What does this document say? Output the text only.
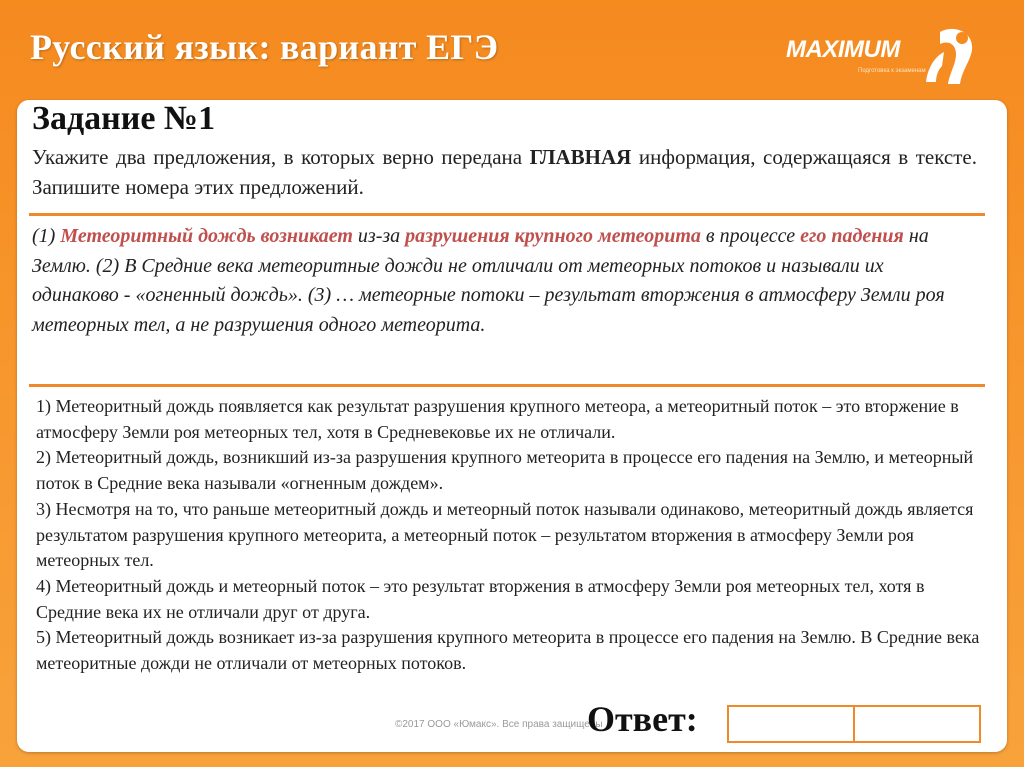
Русский язык: вариант ЕГЭ	MAXIMUM
Подготовка к экзаменам
Задание №1
Укажите два предложения, в которых верно передана ГЛАВНАЯ информация, содержащаяся в тексте. Запишите номера этих предложений.
(1) Метеоритный дождь возникает из-за разрушения крупного метеорита в процессе его падения на Землю. (2) В Средние века метеоритные дожди не отличали от метеорных потоков и называли их одинаково - «огненный дождь». (3) … метеорные потоки – результат вторжения в атмосферу Земли роя метеорных тел, а не разрушения одного метеорита.
1) Метеоритный дождь появляется как результат разрушения крупного метеора, а метеоритный поток – это вторжение в атмосферу Земли роя метеорных тел, хотя в Средневековье их не отличали.
2) Метеоритный дождь, возникший из-за разрушения крупного метеорита в процессе его падения на Землю, и метеорный поток в Средние века называли «огненным дождем».
3) Несмотря на то, что раньше метеоритный дождь и метеорный поток называли одинаково, метеоритный дождь является результатом разрушения крупного метеорита, а метеорный поток – результатом вторжения в атмосферу Земли роя метеорных тел.
4) Метеоритный дождь и метеорный поток – это результат вторжения в атмосферу Земли роя метеорных тел, хотя в Средние века их не отличали друг от друга.
5) Метеоритный дождь возникает из-за разрушения крупного метеорита в процессе его падения на Землю. В Средние века метеоритные дожди не отличали от метеорных потоков.
©2017 ООО «Юмакс». Все права защищены
Ответ:
